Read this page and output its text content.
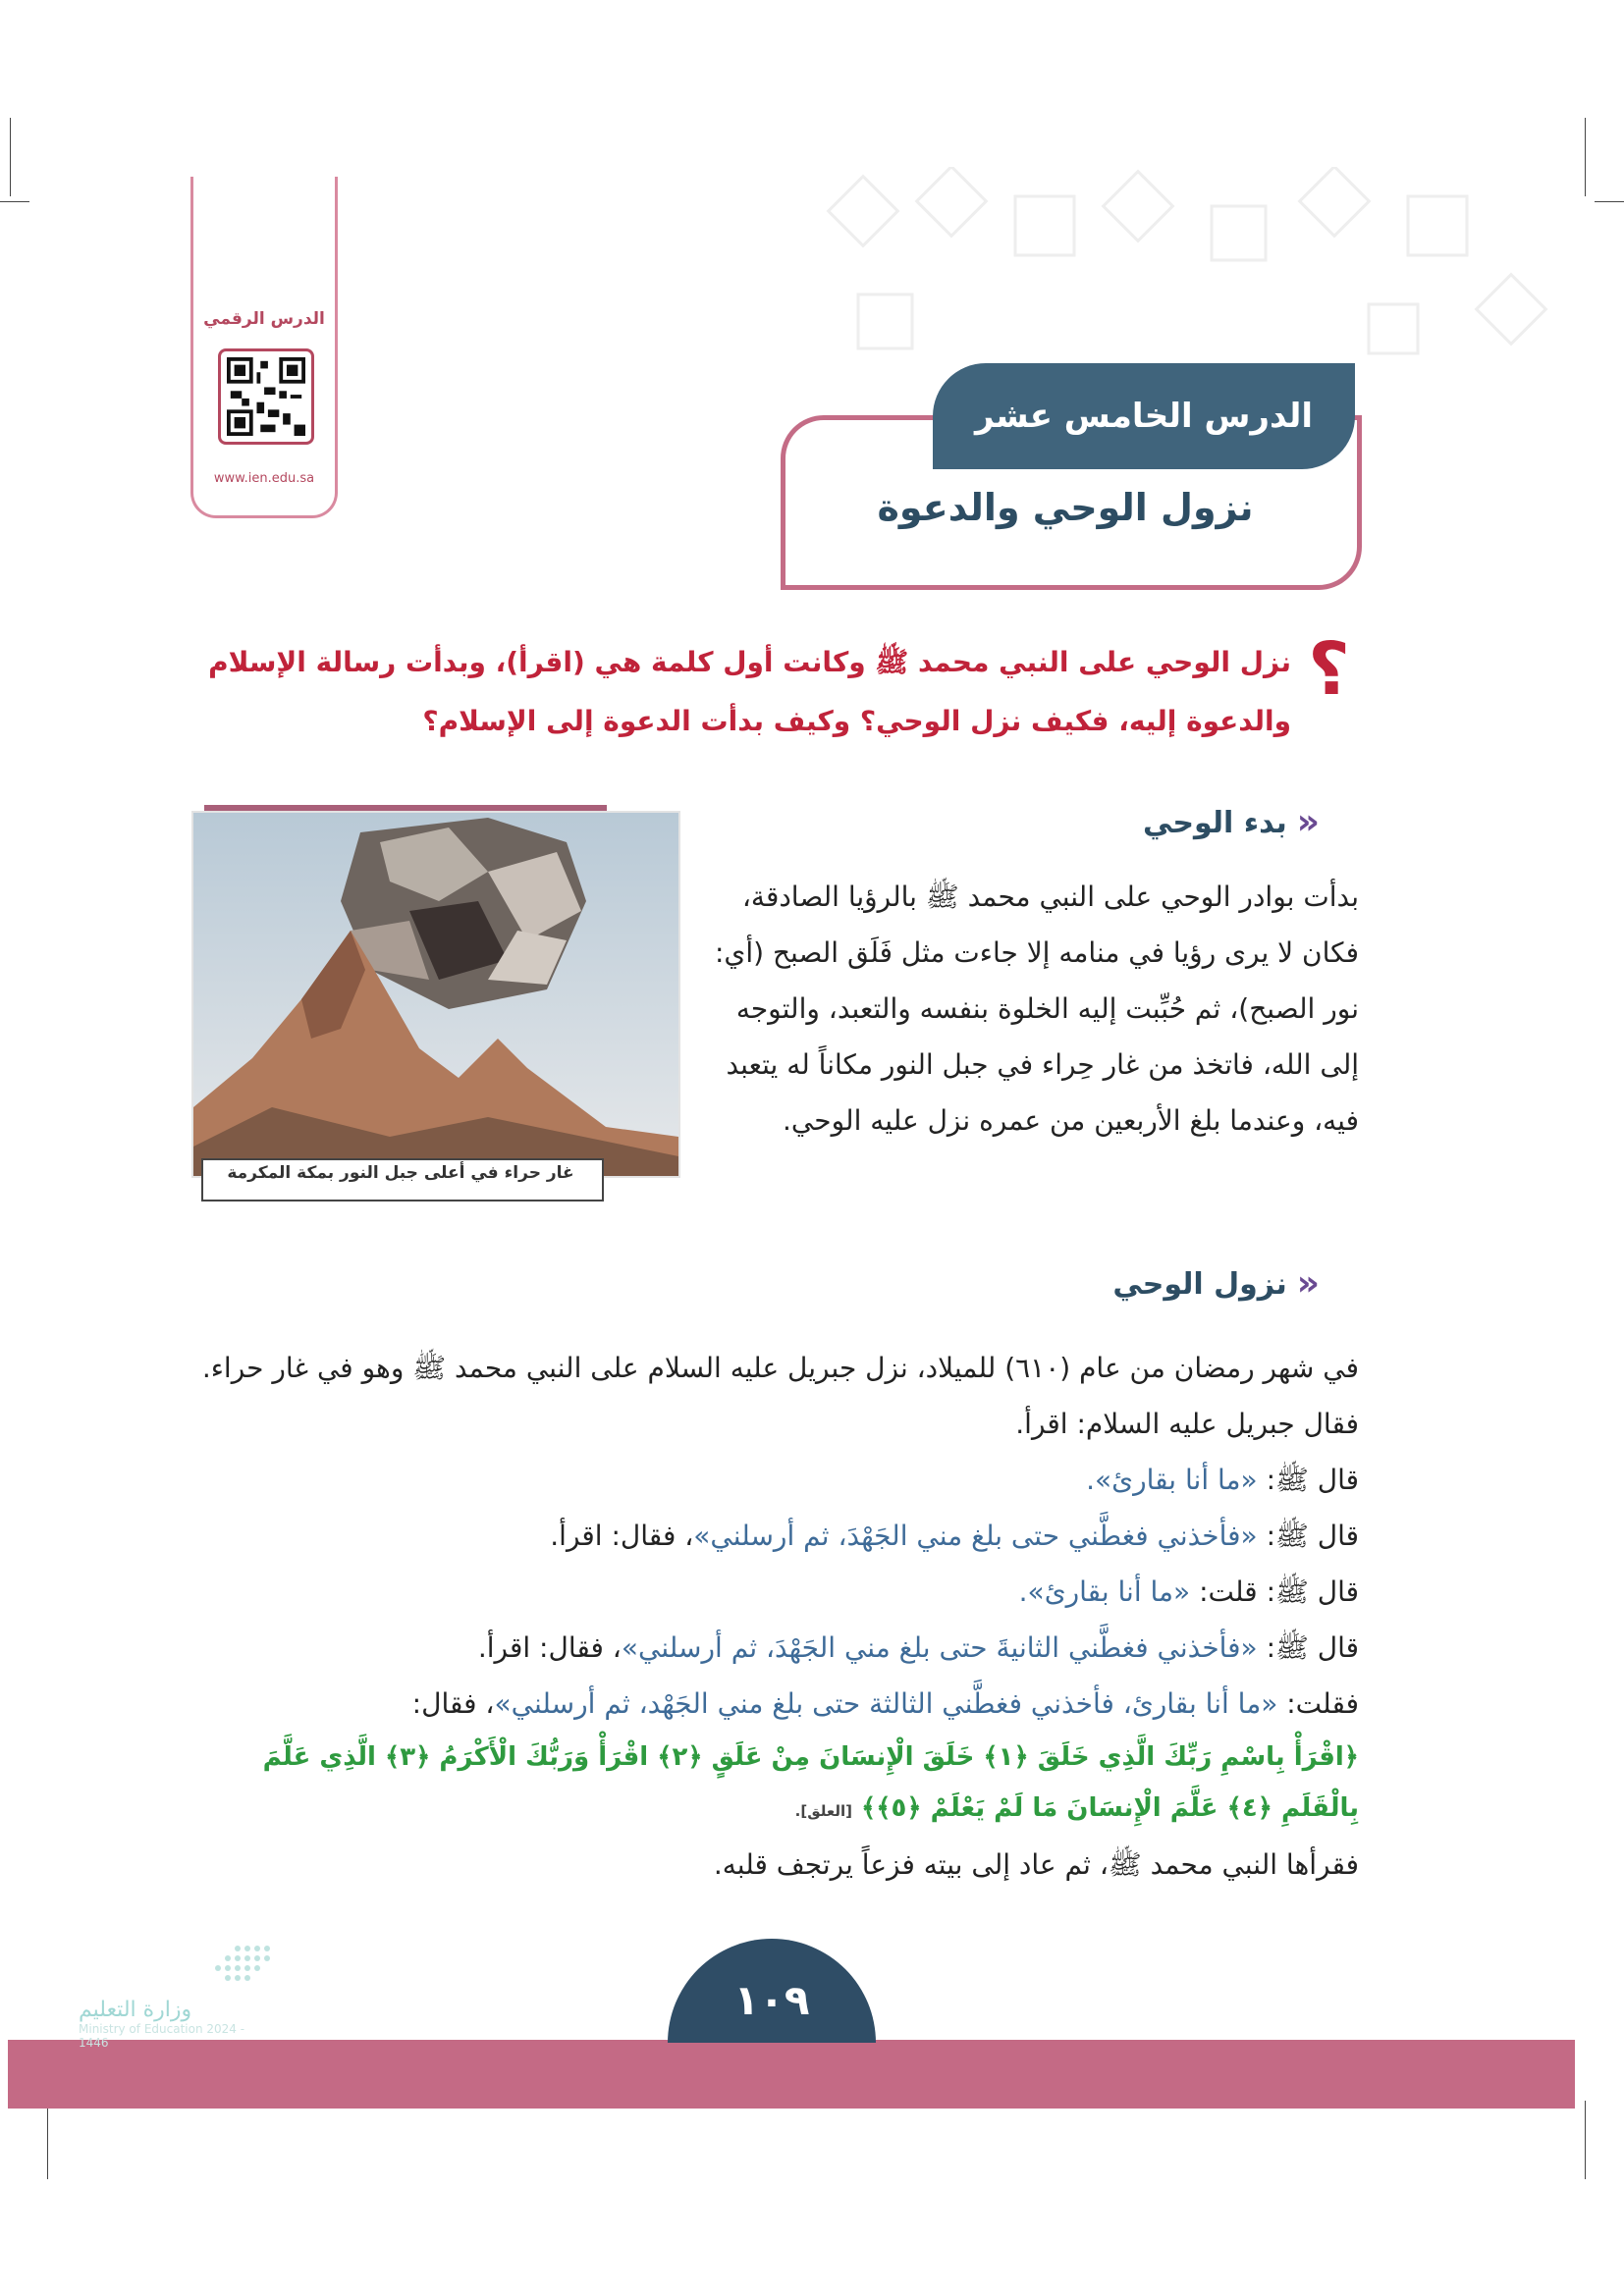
الدرس الرقمي
www.ien.edu.sa
الدرس الخامس عشر
نزول الوحي والدعوة
؟
نزل الوحي على النبي محمد ﷺ وكانت أول كلمة هي (اقرأ)، وبدأت رسالة الإسلام والدعوة إليه، فكيف نزل الوحي؟ وكيف بدأت الدعوة إلى الإسلام؟
«
بدء الوحي
بدأت بوادر الوحي على النبي محمد ﷺ بالرؤيا الصادقة، فكان لا يرى رؤيا في منامه إلا جاءت مثل فَلَق الصبح (أي: نور الصبح)، ثم حُبِّبت إليه الخلوة بنفسه والتعبد، والتوجه إلى الله، فاتخذ من غار حِراء في جبل النور مكاناً له يتعبد فيه، وعندما بلغ الأربعين من عمره نزل عليه الوحي.
غار حراء في أعلى جبل النور بمكة المكرمة
«
نزول الوحي
في شهر رمضان من عام (٦١٠) للميلاد، نزل جبريل عليه السلام على النبي محمد ﷺ وهو في غار حراء.
فقال جبريل عليه السلام: اقرأ.
قال ﷺ: «ما أنا بقارئ».
قال ﷺ: «فأخذني فغطَّني حتى بلغ مني الجَهْدَ، ثم أرسلني»، فقال: اقرأ.
قال ﷺ: قلت: «ما أنا بقارئ».
قال ﷺ: «فأخذني فغطَّني الثانيةَ حتى بلغ مني الجَهْدَ، ثم أرسلني»، فقال: اقرأ.
فقلت: «ما أنا بقارئ، فأخذني فغطَّني الثالثة حتى بلغ مني الجَهْد، ثم أرسلني»، فقال:
﴿اقْرَأْ بِاسْمِ رَبِّكَ الَّذِي خَلَقَ ﴿١﴾ خَلَقَ الْإِنسَانَ مِنْ عَلَقٍ ﴿٢﴾ اقْرَأْ وَرَبُّكَ الْأَكْرَمُ ﴿٣﴾ الَّذِي عَلَّمَ بِالْقَلَمِ ﴿٤﴾ عَلَّمَ الْإِنسَانَ مَا لَمْ يَعْلَمْ ﴿٥﴾﴾ [العلق].
فقرأها النبي محمد ﷺ، ثم عاد إلى بيته فزعاً يرتجف قلبه.
١٠٩
وزارة التعليم
Ministry of Education 2024 - 1446
